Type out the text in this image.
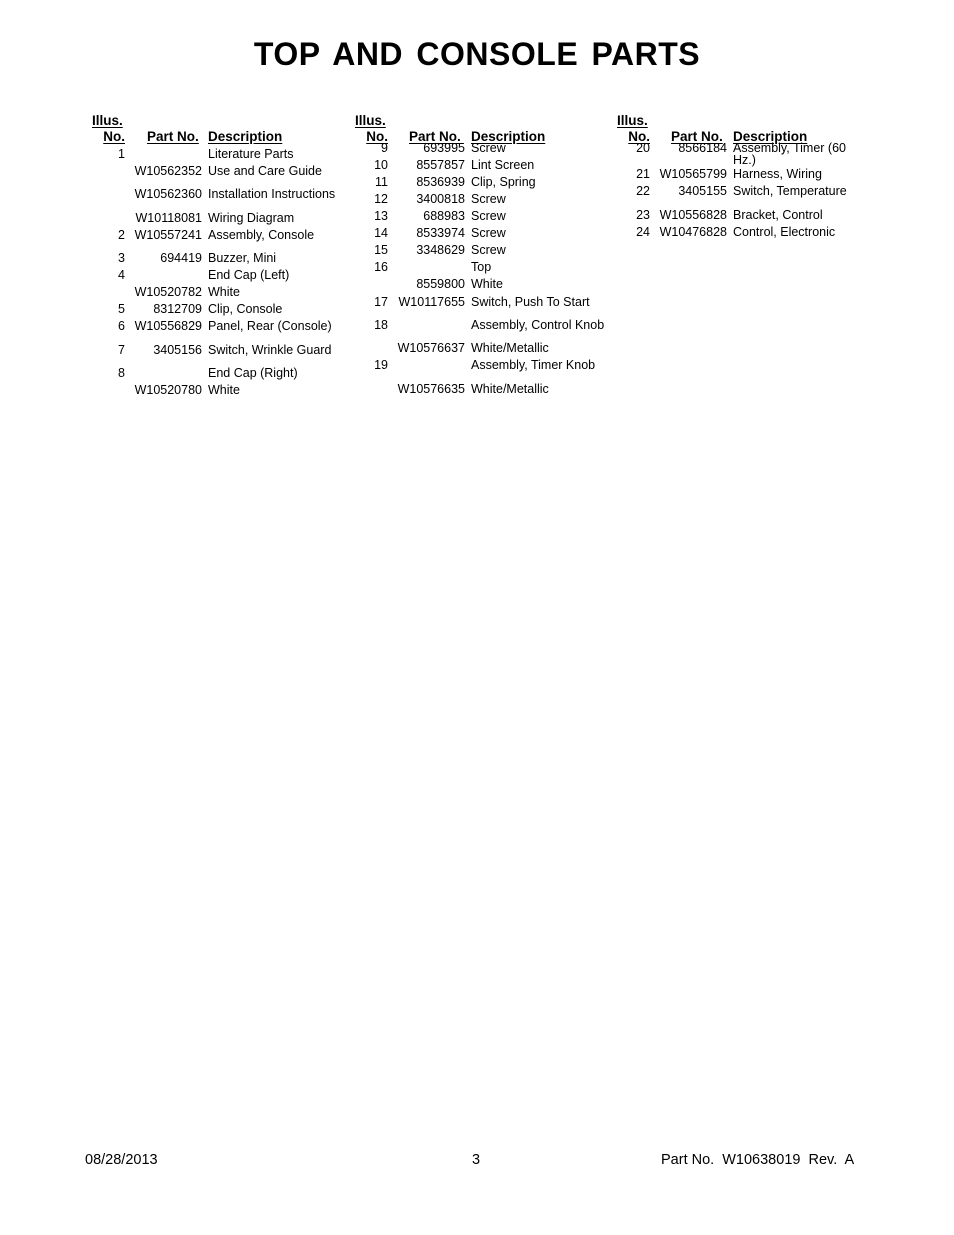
TOP AND CONSOLE PARTS
Illus.
No. Part No. Description
1	Literature Parts
W10562352 Use and Care Guide
W10562360 Installation Instructions
W10118081 Wiring Diagram
2 W10557241 Assembly, Console
3	694419 Buzzer, Mini
4	End Cap (Left)
W10520782 White
5 8312709 Clip, Console
6 W10556829 Panel, Rear (Console)
7 3405156 Switch, Wrinkle Guard
8	End Cap (Right)
W10520780 White
Illus.
No. Part No. Description
9	693995 Screw
10 8557857 Lint Screen
11 8536939 Clip, Spring
12 3400818 Screw
13	688983 Screw
14 8533974 Screw
15 3348629 Screw
16	Top
8559800 White
17 W10117655 Switch, Push To Start
18	Assembly, Control Knob
W10576637 White/Metallic
19	Assembly, Timer Knob
W10576635 White/Metallic
Illus.
No. Part No. Description
20 8566184 Assembly, Timer (60 Hz.)
21 W10565799 Harness, Wiring
22 3405155 Switch, Temperature
23 W10556828 Bracket, Control
24 W10476828 Control, Electronic
08/28/2013	3	Part No.  W10638019  Rev.  A
